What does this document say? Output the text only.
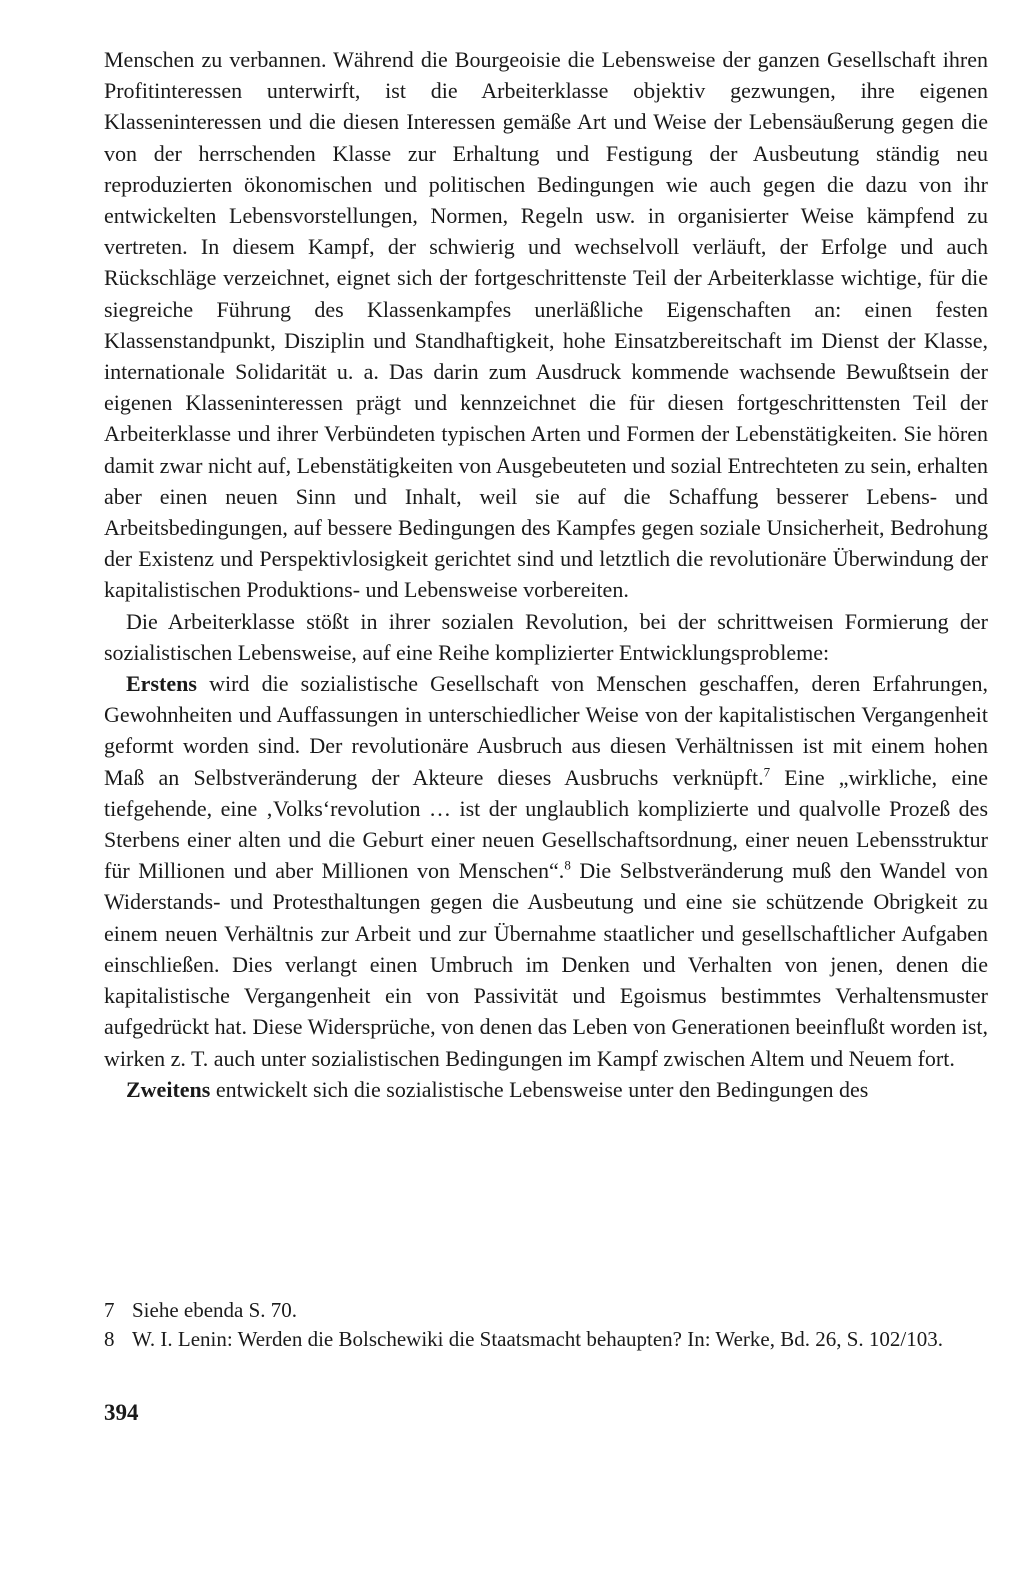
Menschen zu verbannen. Während die Bourgeoisie die Lebensweise der ganzen Gesellschaft ihren Profitinteressen unterwirft, ist die Arbeiterklasse objektiv gezwungen, ihre eigenen Klasseninteressen und die diesen Interessen gemäße Art und Weise der Lebensäußerung gegen die von der herrschenden Klasse zur Erhaltung und Festigung der Ausbeutung ständig neu reproduzierten ökonomischen und politischen Bedingungen wie auch gegen die dazu von ihr entwickelten Lebensvorstellungen, Normen, Regeln usw. in organisierter Weise kämpfend zu vertreten. In diesem Kampf, der schwierig und wechselvoll verläuft, der Erfolge und auch Rückschläge verzeichnet, eignet sich der fortgeschrittenste Teil der Arbeiterklasse wichtige, für die siegreiche Führung des Klassenkampfes unerläßliche Eigenschaften an: einen festen Klassenstandpunkt, Disziplin und Standhaftigkeit, hohe Einsatzbereitschaft im Dienst der Klasse, internationale Solidarität u. a. Das darin zum Ausdruck kommende wachsende Bewußtsein der eigenen Klasseninteressen prägt und kennzeichnet die für diesen fortgeschrittensten Teil der Arbeiterklasse und ihrer Verbündeten typischen Arten und Formen der Lebenstätigkeiten. Sie hören damit zwar nicht auf, Lebenstätigkeiten von Ausgebeuteten und sozial Entrechteten zu sein, erhalten aber einen neuen Sinn und Inhalt, weil sie auf die Schaffung besserer Lebens- und Arbeitsbedingungen, auf bessere Bedingungen des Kampfes gegen soziale Unsicherheit, Bedrohung der Existenz und Perspektivlosigkeit gerichtet sind und letztlich die revolutionäre Überwindung der kapitalistischen Produktions- und Lebensweise vorbereiten.

Die Arbeiterklasse stößt in ihrer sozialen Revolution, bei der schrittweisen Formierung der sozialistischen Lebensweise, auf eine Reihe komplizierter Entwicklungsprobleme:

Erstens wird die sozialistische Gesellschaft von Menschen geschaffen, deren Erfahrungen, Gewohnheiten und Auffassungen in unterschiedlicher Weise von der kapitalistischen Vergangenheit geformt worden sind. Der revolutionäre Ausbruch aus diesen Verhältnissen ist mit einem hohen Maß an Selbstveränderung der Akteure dieses Ausbruchs verknüpft.$^7$ Eine „wirkliche, eine tiefgehende, eine ‚Volks‘revolution … ist der unglaublich komplizierte und qualvolle Prozeß des Sterbens einer alten und die Geburt einer neuen Gesellschaftsordnung, einer neuen Lebensstruktur für Millionen und aber Millionen von Menschen“.$^8$ Die Selbstveränderung muß den Wandel von Widerstands- und Protesthaltungen gegen die Ausbeutung und eine sie schützende Obrigkeit zu einem neuen Verhältnis zur Arbeit und zur Übernahme staatlicher und gesellschaftlicher Aufgaben einschließen. Dies verlangt einen Umbruch im Denken und Verhalten von jenen, denen die kapitalistische Vergangenheit ein von Passivität und Egoismus bestimmtes Verhaltensmuster aufgedrückt hat. Diese Widersprüche, von denen das Leben von Generationen beeinflußt worden ist, wirken z. T. auch unter sozialistischen Bedingungen im Kampf zwischen Altem und Neuem fort.

Zweitens entwickelt sich die sozialistische Lebensweise unter den Bedingungen des

7 Siehe ebenda S. 70.
8 W. I. Lenin: Werden die Bolschewiki die Staatsmacht behaupten? In: Werke, Bd. 26, S. 102/103.
394
